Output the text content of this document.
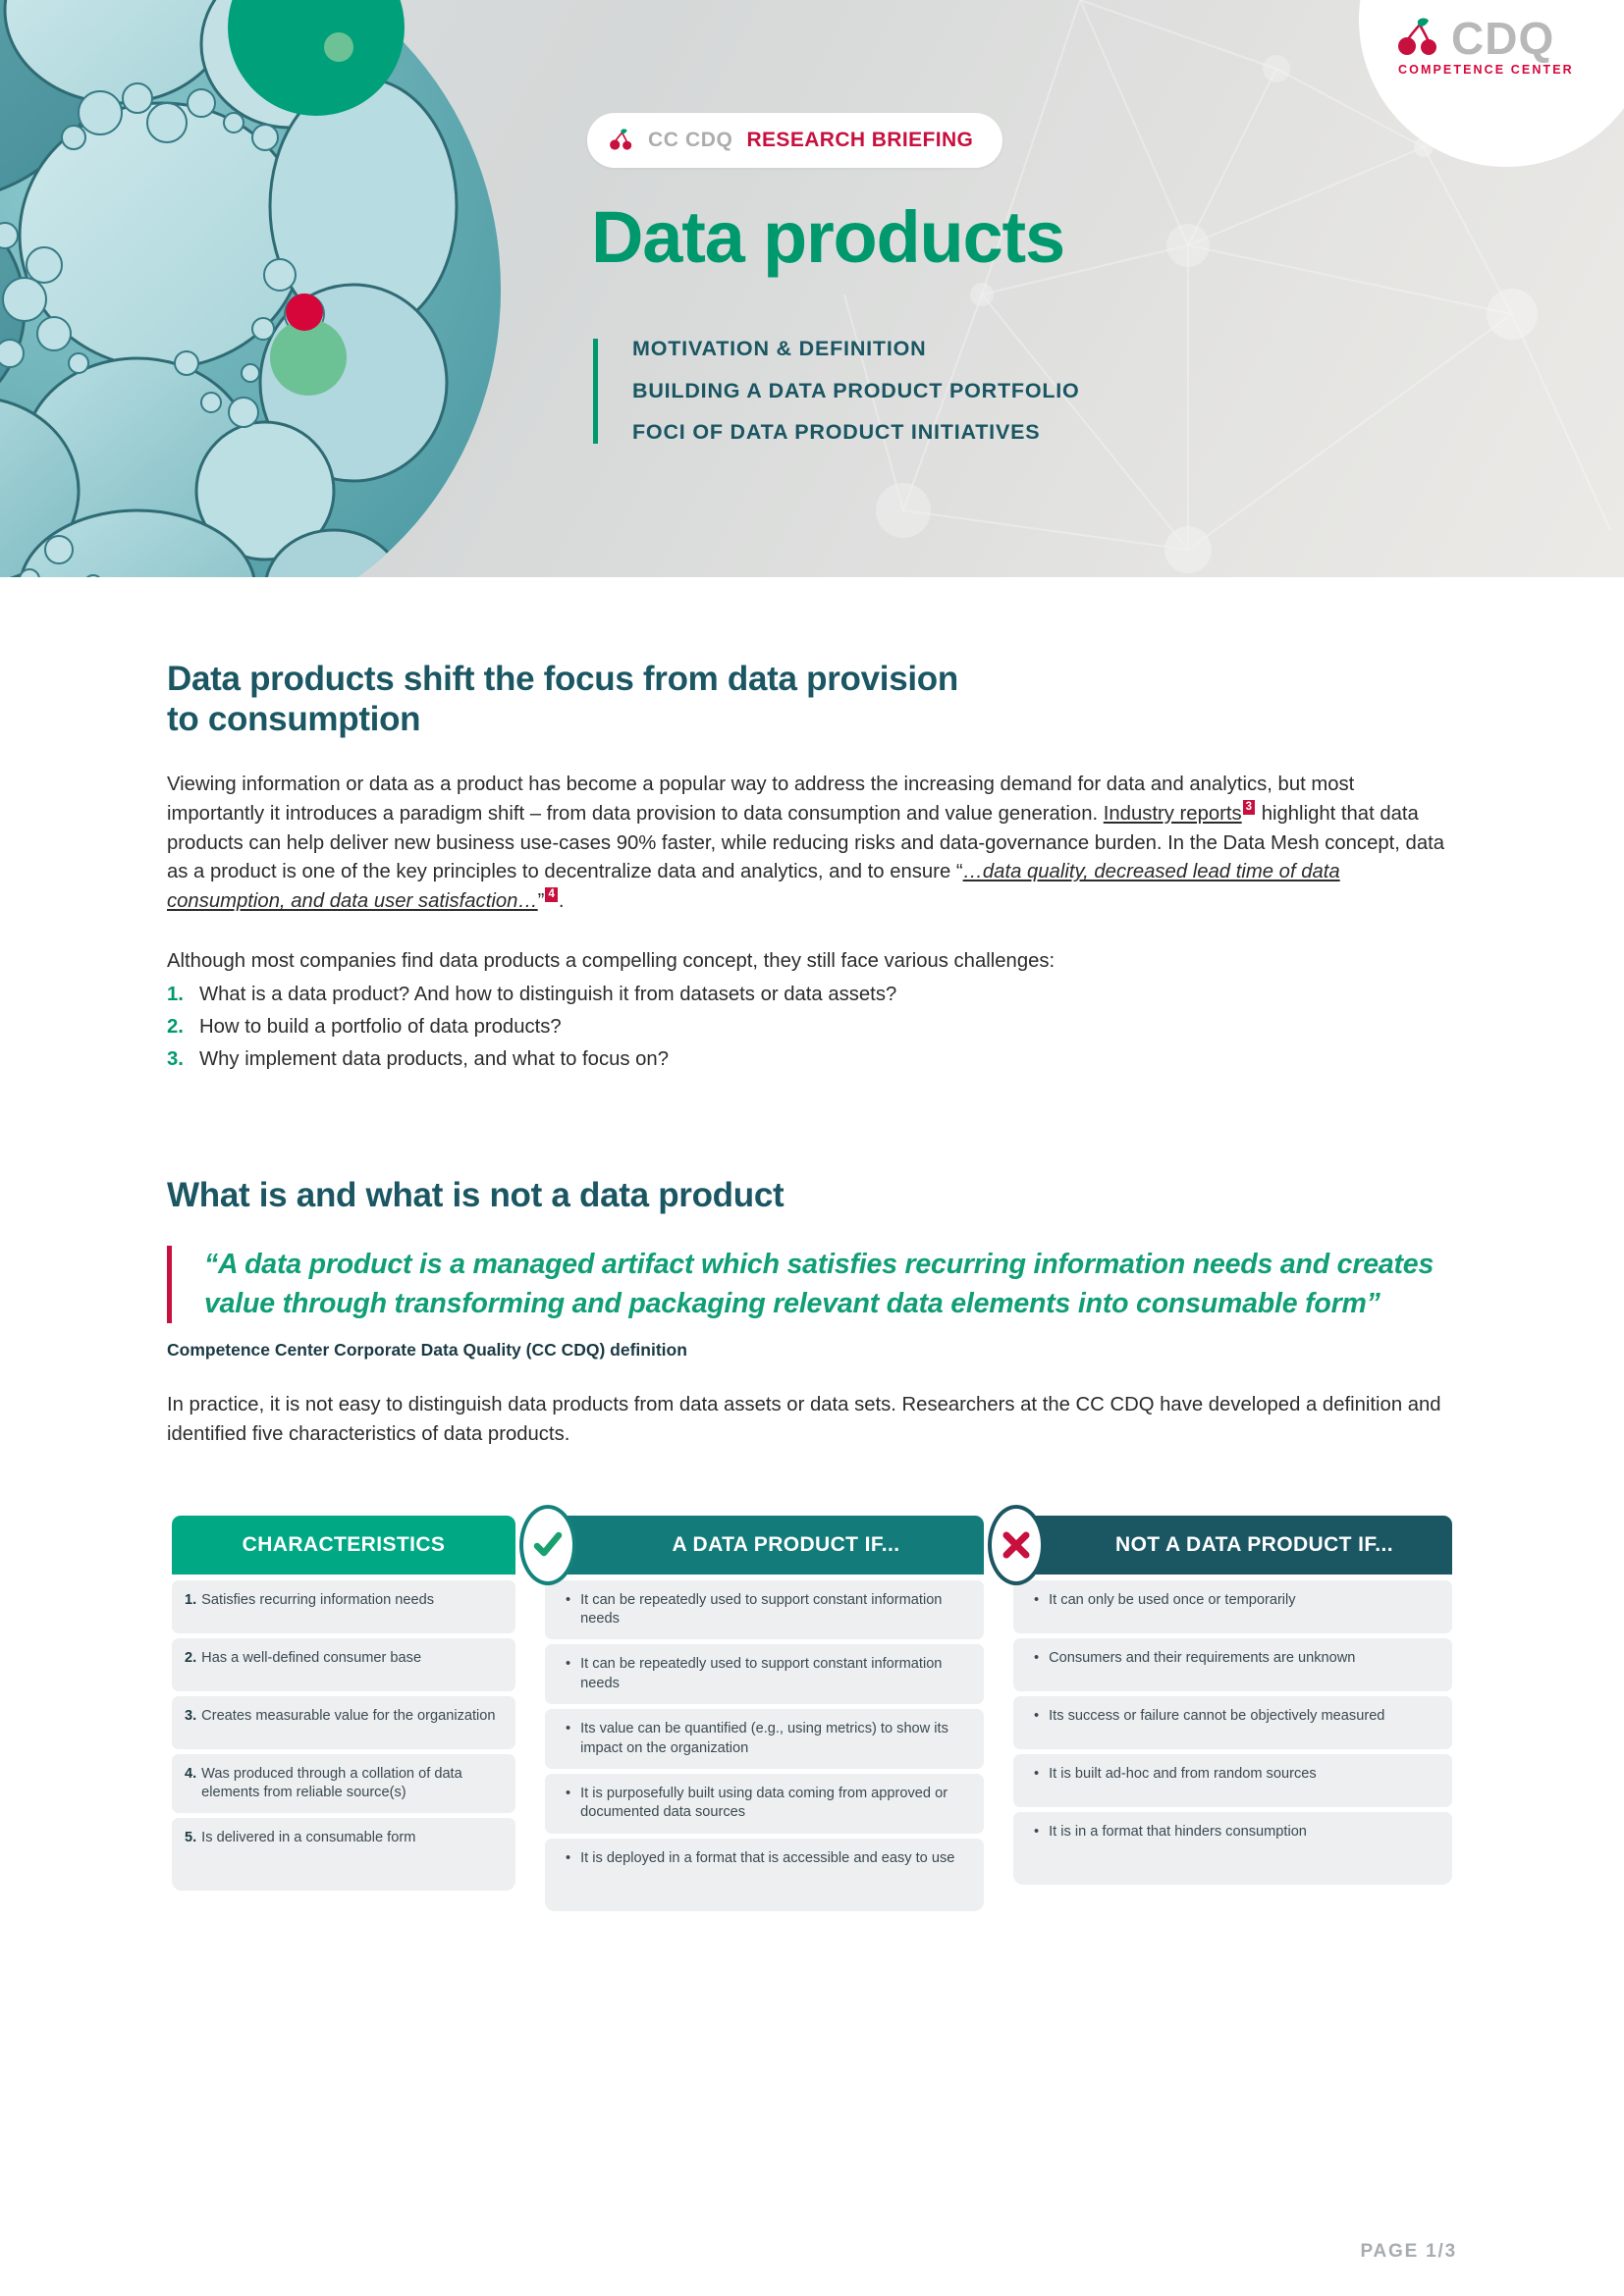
CDQ
COMPETENCE CENTER
CC CDQ RESEARCH BRIEFING
Data products
MOTIVATION & DEFINITION
BUILDING A DATA PRODUCT PORTFOLIO
FOCI OF DATA PRODUCT INITIATIVES
Data products shift the focus from data provision
to consumption

Viewing information or data as a product has become a popular way to address the increasing demand for data and analytics, but most importantly it introduces a paradigm shift – from data provision to data consumption and value generation. Industry reports $^3$ highlight that data products can help deliver new business use-cases 90% faster, while reducing risks and data-governance burden. In the Data Mesh concept, data as a product is one of the key principles to decentralize data and analytics, and to ensure “…data quality, decreased lead time of data consumption, and data user satisfaction…” $^4$ .

Although most companies find data products a compelling concept, they still face various challenges:

1. What is a data product? And how to distinguish it from datasets or data assets?
2. How to build a portfolio of data products?
3. Why implement data products, and what to focus on?
What is and what is not a data product
“A data product is a managed artifact which satisfies recurring information needs and creates value through transforming and packaging relevant data elements into consumable form”
Competence Center Corporate Data Quality (CC CDQ) definition

In practice, it is not easy to distinguish data products from data assets or data sets. Researchers at the CC CDQ have developed a definition and identified five characteristics of data products.

CHARACTERISTICS
1. Satisfies recurring information needs
2. Has a well-defined consumer base
3. Creates measurable value for the organization
4. Was produced through a collation of data elements from reliable source(s)
5. Is delivered in a consumable form
A DATA PRODUCT IF...
• It can be repeatedly used to support constant information needs
• It can be repeatedly used to support constant information needs
• Its value can be quantified (e.g., using metrics) to show its impact on the organization
• It is purposefully built using data coming from approved or documented data sources
• It is deployed in a format that is accessible and easy to use
NOT A DATA PRODUCT IF...
• It can only be used once or temporarily
• Consumers and their requirements are unknown
• Its success or failure cannot be objectively measured
• It is built ad-hoc and from random sources
• It is in a format that hinders consumption
PAGE 1/3
